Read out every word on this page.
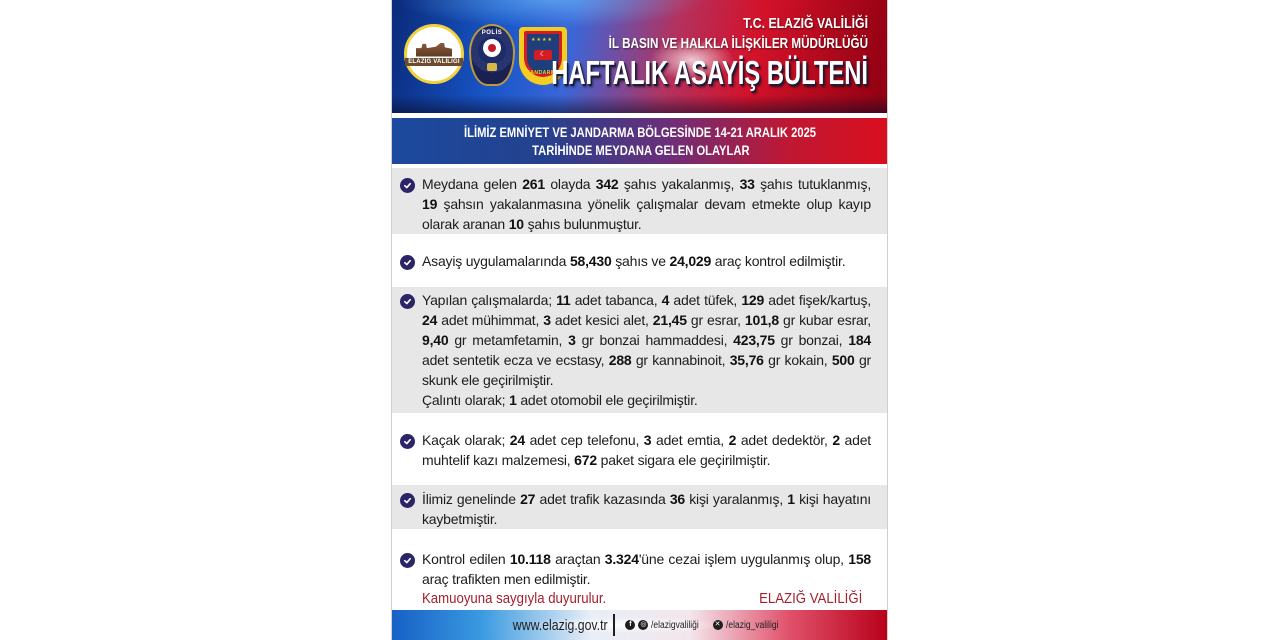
ELAZIĞ VALİLİĞİ
POLİS
★★★★
☾
JANDARMA
T.C. ELAZIĞ VALİLİĞİ
İL BASIN VE HALKLA İLİŞKİLER MÜDÜRLÜĞÜ
HAFTALIK ASAYİŞ BÜLTENİ
İLİMİZ EMNİYET VE JANDARMA BÖLGESİNDE 14-21 ARALIK 2025
TARİHİNDE MEYDANA GELEN OLAYLAR

Meydana gelen 261 olayda 342 şahıs yakalanmış, 33 şahıs tutuklanmış, 19 şahsın yakalanmasına yönelik çalışmalar devam etmekte olup kayıp olarak aranan 10 şahıs bulunmuştur.

Asayiş uygulamalarında 58,430 şahıs ve 24,029 araç kontrol edilmiştir.

Yapılan çalışmalarda; 11 adet tabanca, 4 adet tüfek, 129 adet fişek/kartuş, 24 adet mühimmat, 3 adet kesici alet, 21,45 gr esrar, 101,8 gr kubar esrar, 9,40 gr metamfetamin, 3 gr bonzai hammaddesi, 423,75 gr bonzai, 184 adet sentetik ecza ve ecstasy, 288 gr kannabinoit, 35,76 gr kokain, 500 gr skunk ele geçirilmiştir.
Çalıntı olarak; 1 adet otomobil ele geçirilmiştir.

Kaçak olarak; 24 adet cep telefonu, 3 adet emtia, 2 adet dedektör, 2 adet muhtelif kazı malzemesi, 672 paket sigara ele geçirilmiştir.

İlimiz genelinde 27 adet trafik kazasında 36 kişi yaralanmış, 1 kişi hayatını kaybetmiştir.

Kontrol edilen 10.118 araçtan 3.324'üne cezai işlem uygulanmış olup, 158 araç trafikten men edilmiştir.

Kamuoyuna saygıyla duyurulur.	ELAZIĞ VALİLİĞİ
www.elazig.gov.tr	f	◎ /elazigvaliliği ✕ /elazig_valiligi
